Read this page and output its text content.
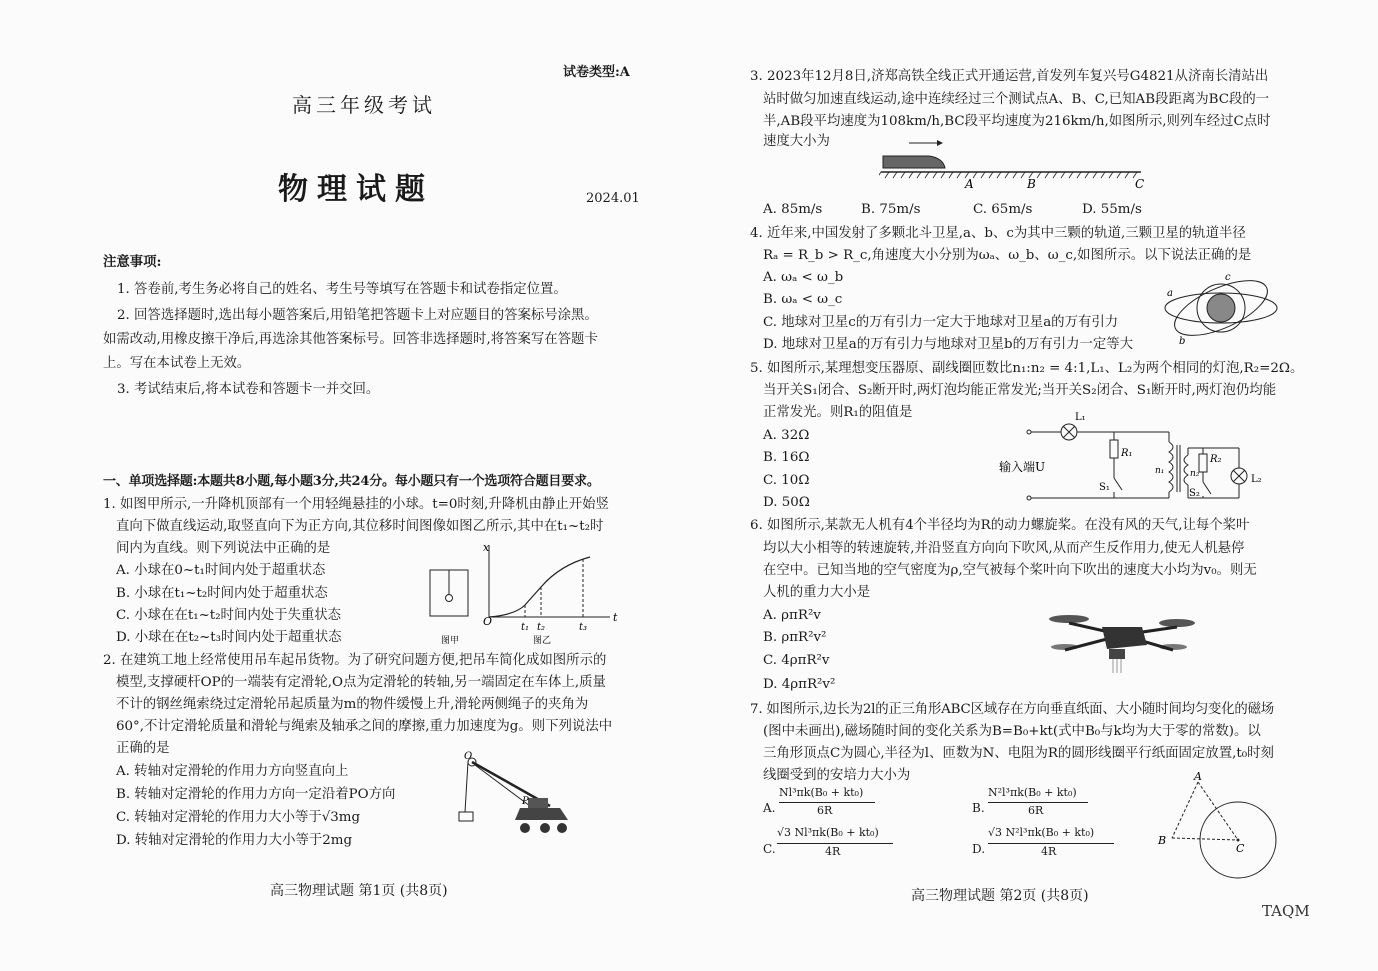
试卷类型:A
高三年级考试
物理试题	2024.01
注意事项:
1. 答卷前,考生务必将自己的姓名、考生号等填写在答题卡和试卷指定位置。
2. 回答选择题时,选出每小题答案后,用铅笔把答题卡上对应题目的答案标号涂黑。
如需改动,用橡皮擦干净后,再选涂其他答案标号。回答非选择题时,将答案写在答题卡
上。写在本试卷上无效。
3. 考试结束后,将本试卷和答题卡一并交回。
一、单项选择题:本题共8小题,每小题3分,共24分。每小题只有一个选项符合题目要求。
1. 如图甲所示,一升降机顶部有一个用轻绳悬挂的小球。t=0时刻,升降机由静止开始竖
直向下做直线运动,取竖直向下为正方向,其位移时间图像如图乙所示,其中在t₁~t₂时
间内为直线。则下列说法中正确的是
A. 小球在0~t₁时间内处于超重状态
B. 小球在t₁~t₂时间内处于超重状态
C. 小球在在t₁~t₂时间内处于失重状态
D. 小球在在t₂~t₃时间内处于超重状态
x
t
O	t₁ t₂	t₃
图甲	图乙
2. 在建筑工地上经常使用吊车起吊货物。为了研究问题方便,把吊车简化成如图所示的
模型,支撑硬杆OP的一端装有定滑轮,O点为定滑轮的转轴,另一端固定在车体上,质量
不计的钢丝绳索绕过定滑轮吊起质量为m的物件缓慢上升,滑轮两侧绳子的夹角为
60°,不计定滑轮质量和滑轮与绳索及轴承之间的摩擦,重力加速度为g。则下列说法中
正确的是
A. 转轴对定滑轮的作用力方向竖直向上
B. 转轴对定滑轮的作用力方向一定沿着PO方向
C. 转轴对定滑轮的作用力大小等于√3mg
D. 转轴对定滑轮的作用力大小等于2mg
O
P
高三物理试题 第1页 (共8页)
3. 2023年12月8日,济郑高铁全线正式开通运营,首发列车复兴号G4821从济南长清站出
站时做匀加速直线运动,途中连续经过三个测试点A、B、C,已知AB段距离为BC段的一
半,AB段平均速度为108km/h,BC段平均速度为216km/h,如图所示,则列车经过C点时
速度大小为
A	B	C
A. 85m/s	B. 75m/s	C. 65m/s	D. 55m/s
4. 近年来,中国发射了多颗北斗卫星,a、b、c为其中三颗的轨道,三颗卫星的轨道半径
Rₐ = R_b > R_c,角速度大小分别为ωₐ、ω_b、ω_c,如图所示。以下说法正确的是
A. ωₐ < ω_b
B. ωₐ < ω_c
C. 地球对卫星c的万有引力一定大于地球对卫星a的万有引力
D. 地球对卫星a的万有引力与地球对卫星b的万有引力一定等大
a
b
c
5. 如图所示,某理想变压器原、副线圈匝数比n₁:n₂ = 4:1,L₁、L₂为两个相同的灯泡,R₂=2Ω。
当开关S₁闭合、S₂断开时,两灯泡均能正常发光;当开关S₂闭合、S₁断开时,两灯泡仍均能
正常发光。则R₁的阻值是
A. 32Ω
B. 16Ω
C. 10Ω
D. 50Ω
输入端U
L₁
R₁
S₁
n₁	n₂
R₂
S₂
L₂
6. 如图所示,某款无人机有4个半径均为R的动力螺旋桨。在没有风的天气,让每个桨叶
均以大小相等的转速旋转,并沿竖直方向向下吹风,从而产生反作用力,使无人机悬停
在空中。已知当地的空气密度为ρ,空气被每个桨叶向下吹出的速度大小均为v₀。则无
人机的重力大小是
A. ρπR²v
B. ρπR²v²
C. 4ρπR²v
D. 4ρπR²v²
7. 如图所示,边长为2l的正三角形ABC区域存在方向垂直纸面、大小随时间均匀变化的磁场
(图中未画出),磁场随时间的变化关系为B=B₀+kt(式中B₀与k均为大于零的常数)。以
三角形顶点C为圆心,半径为l、匝数为N、电阻为R的圆形线圈平行纸面固定放置,t₀时刻
线圈受到的安培力大小为
A.
Nl³πk(B₀ + kt₀)
6R	B.
N²l³πk(B₀ + kt₀)
6R
C.
√3 Nl³πk(B₀ + kt₀)
4R	D.
√3 N²l³πk(B₀ + kt₀)
4R
A
B
C
高三物理试题 第2页 (共8页)
TAQM
